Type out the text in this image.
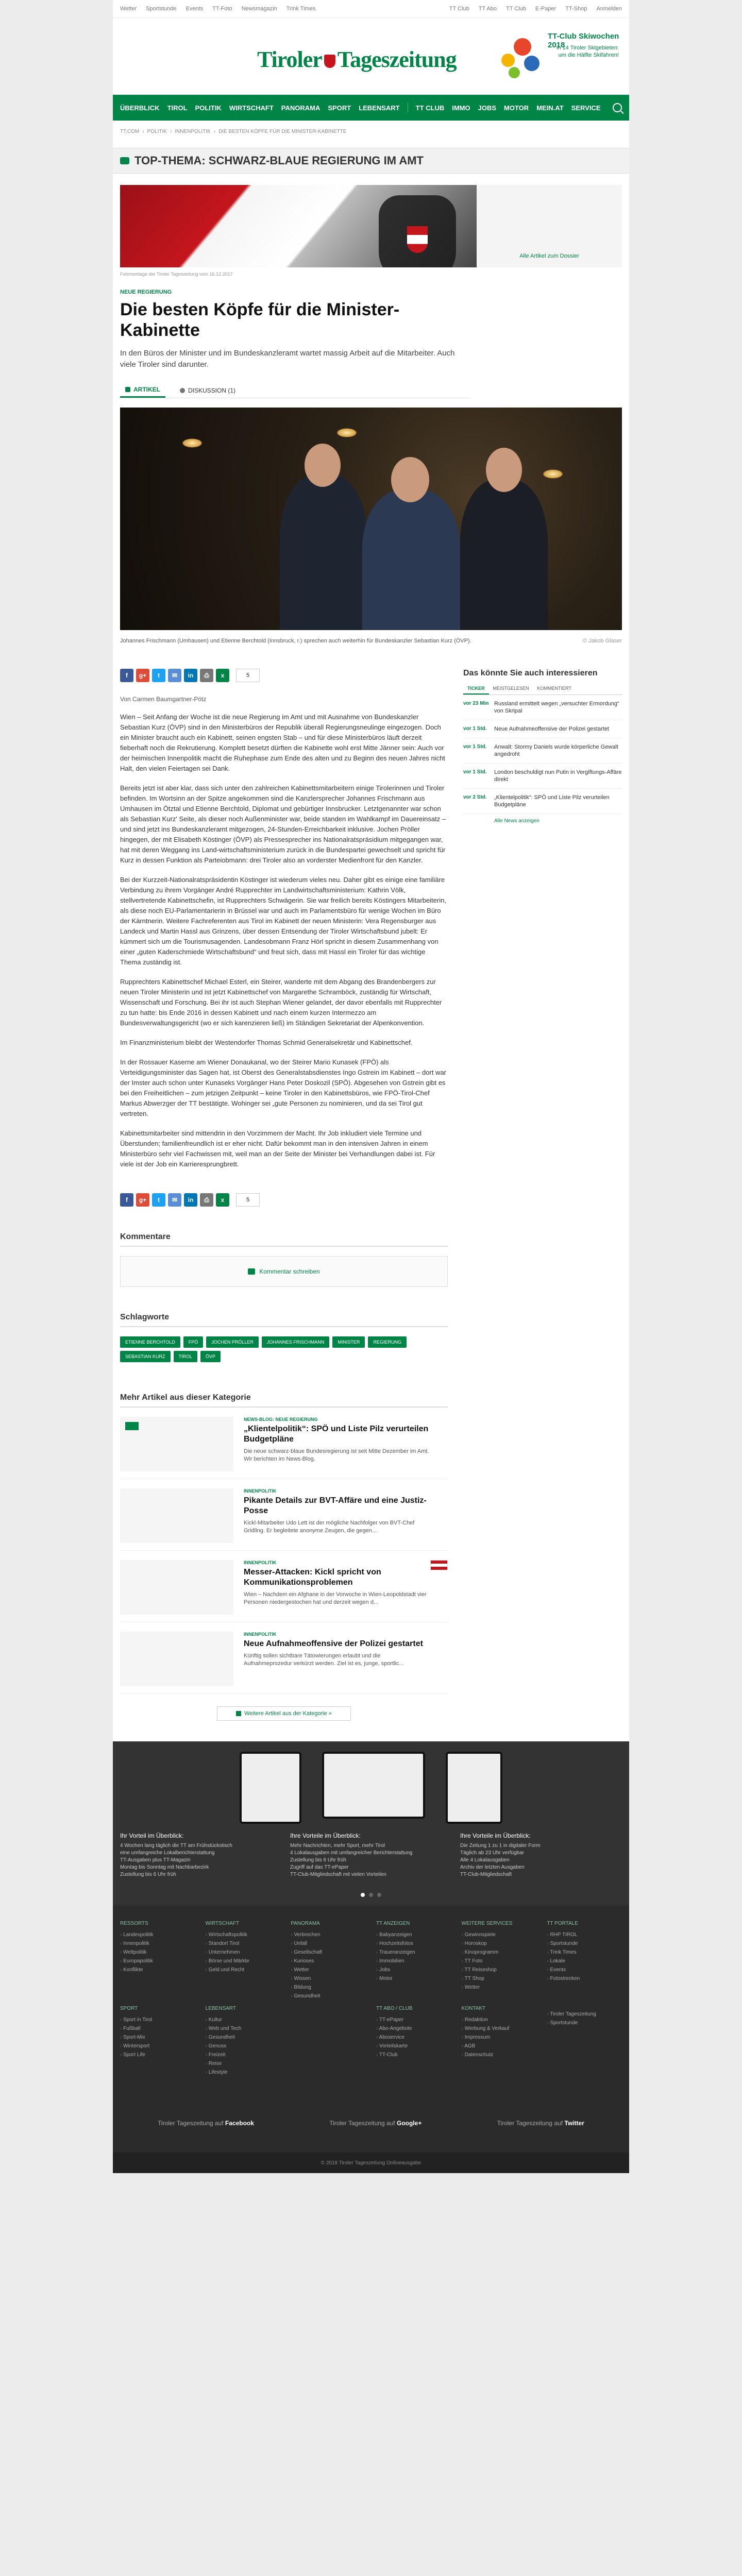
Wetter Sportstunde Events TT-Foto Newsmagazin Trink Times	TT Club TT Abo TT Club E-Paper TT-Shop Anmelden
Tiroler Tageszeitung
TT-Club Skiwochen 2018
in 14 Tiroler Skigebieten: um die Hälfte Skifahren!
ÜBERBLICK TIROL POLITIK WIRTSCHAFT PANORAMA SPORT LEBENSART TT CLUB IMMO JOBS MOTOR MEIN.AT SERVICE
TT.COM › POLITIK › INNENPOLITIK › DIE BESTEN KÖPFE FÜR DIE MINISTER-KABINETTE
TOP-THEMA: SCHWARZ-BLAUE REGIERUNG IM AMT
Alle Artikel zum Dossier
Fotomontage der Tiroler Tageszeitung vom 16.12.2017
NEUE REGIERUNG
Die besten Köpfe für die Minister-Kabinette

In den Büros der Minister und im Bundeskanzleramt wartet massig Arbeit auf die Mitarbeiter. Auch viele Tiroler sind darunter.

ARTIKEL	DISKUSSION (1)
Johannes Frischmann (Umhausen) und Etienne Berchtold (Innsbruck, r.) sprechen auch weiterhin für Bundeskanzler Sebastian Kurz (ÖVP).	© Jakob Glaser
f	g+	t	✉	in	⎙	x	5
Von Carmen Baumgartner-Pötz

Wien – Seit Anfang der Woche ist die neue Regierung im Amt und mit Ausnahme von Bundeskanzler Sebastian Kurz (ÖVP) sind in den Ministerbüros der Republik überall Regierungsneulinge eingezogen. Doch ein Minister braucht auch ein Kabinett, seinen engsten Stab – und für diese Ministerbüros läuft derzeit fieberhaft noch die Rekrutierung. Komplett besetzt dürften die Kabinette wohl erst Mitte Jänner sein: Auch vor der heimischen Innenpolitik macht die Ruhephase zum Ende des alten und zu Beginn des neuen Jahres nicht Halt, den vielen Feiertagen sei Dank.

Bereits jetzt ist aber klar, dass sich unter den zahlreichen Kabinettsmitarbeitern einige Tirolerinnen und Tiroler befinden. Im Wortsinn an der Spitze angekommen sind die Kanzlersprecher Johannes Frischmann aus Umhausen im Ötztal und Etienne Berchtold, Diplomat und gebürtiger Innsbrucker. Letztgenannter war schon als Sebastian Kurz' Seite, als dieser noch Außenminister war, beide standen im Wahlkampf im Dauereinsatz – und sind jetzt ins Bundeskanzleramt mitgezogen, 24-Stunden-Erreichbarkeit inklusive. Jochen Pröller hingegen, der mit Elisabeth Köstinger (ÖVP) als Pressesprecher ins Nationalratspräsidium mitgegangen war, hat mit deren Weggang ins Land-wirtschaftsministerium zurück in die Bundespartei gewechselt und spricht für Kurz in dessen Funktion als Parteiobmann: drei Tiroler also an vorderster Medienfront für den Kanzler.

Bei der Kurzzeit-Nationalratspräsidentin Köstinger ist wiederum vieles neu. Daher gibt es einige eine familiäre Verbindung zu ihrem Vorgänger André Rupprechter im Landwirtschaftsministerium: Kathrin Völk, stellvertretende Kabinettschefin, ist Rupprechters Schwägerin. Sie war freilich bereits Köstingers Mitarbeiterin, als diese noch EU-Parlamentarierin in Brüssel war und auch im Parlamentsbüro für wenige Wochen im Büro der Kärntnerin. Weitere Fachreferenten aus Tirol im Kabinett der neuen Ministerin: Vera Regensburger aus Landeck und Martin Hassl aus Grinzens, über dessen Entsendung der Tiroler Wirtschaftsbund jubelt: Er kümmert sich um die Tourismusagenden. Landesobmann Franz Hörl spricht in diesem Zusammenhang von einer „guten Kaderschmiede Wirtschaftsbund“ und freut sich, dass mit Hassl ein Tiroler für das wichtige Thema zuständig ist.

Rupprechters Kabinettschef Michael Esterl, ein Steirer, wanderte mit dem Abgang des Brandenbergers zur neuen Tiroler Ministerin und ist jetzt Kabinettschef von Margarethe Schramböck, zuständig für Wirtschaft, Wissenschaft und Forschung. Bei ihr ist auch Stephan Wiener gelandet, der davor ebenfalls mit Rupprechter zu tun hatte: bis Ende 2016 in dessen Kabinett und nach einem kurzen Intermezzo am Bundesverwaltungsgericht (wo er sich karenzieren ließ) im Ständigen Sekretariat der Alpenkonvention.

Im Finanzministerium bleibt der Westendorfer Thomas Schmid Generalsekretär und Kabinettschef.

In der Rossauer Kaserne am Wiener Donaukanal, wo der Steirer Mario Kunasek (FPÖ) als Verteidigungsminister das Sagen hat, ist Oberst des Generalstabsdienstes Ingo Gstrein im Kabinett – dort war der Imster auch schon unter Kunaseks Vorgänger Hans Peter Doskozil (SPÖ). Abgesehen von Gstrein gibt es bei den Freiheitlichen – zum jetzigen Zeitpunkt – keine Tiroler in den Kabinettsbüros, wie FPÖ-Tirol-Chef Markus Abwerzger der TT bestätigte. Wohinger sei „gute Personen zu nominieren, und da sei Tirol gut vertreten.

Kabinettsmitarbeiter sind mittendrin in den Vorzimmern der Macht. Ihr Job inkludiert viele Termine und Überstunden; familienfreundlich ist er eher nicht. Dafür bekommt man in den intensiven Jahren in einem Ministerbüro sehr viel Fachwissen mit, weil man an der Seite der Minister bei Verhandlungen dabei ist. Für viele ist der Job ein Karrieresprungbrett.

f	g+	t	✉	in	⎙	x	5
Kommentare
Kommentar schreiben
Schlagworte
ETIENNE BERCHTOLD	FPÖ	JOCHEN PRÖLLER	JOHANNES FRISCHMANN	MINISTER	REGIERUNG
SEBASTIAN KURZ	TIROL	ÖVP
Mehr Artikel aus dieser Kategorie
NEWS-BLOG: NEUE REGIERUNG
„Klientelpolitik“: SPÖ und Liste Pilz verurteilen Budgetpläne
Die neue schwarz-blaue Bundesregierung ist seit Mitte Dezember im Amt. Wir berichten im News-Blog.
INNENPOLITIK
Pikante Details zur BVT-Affäre und eine Justiz-Posse
Kickl-Mitarbeiter Udo Lett ist der mögliche Nachfolger von BVT-Chef Gridling. Er begleitete anonyme Zeugen, die gegen...
INNENPOLITIK
Messer-Attacken: Kickl spricht von Kommunikationsproblemen
Wien – Nachdem ein Afghane in der Vorwoche in Wien-Leopoldstadt vier Personen niedergestochen hat und derzeit wegen d...
INNENPOLITIK
Neue Aufnahmeoffensive der Polizei gestartet
Künftig sollen sichtbare Tätowierungen erlaubt und die Aufnahmeprozedur verkürzt werden. Ziel ist es, junge, sportlic...
Weitere Artikel aus der Kategorie »
Das könnte Sie auch interessieren
TICKER	MEISTGELESEN	KOMMENTIERT
vor 23 Min Russland ermittelt wegen „versuchter Ermordung“ von Skripal
vor 1 Std.	Neue Aufnahmeoffensive der Polizei gestartet
vor 1 Std.	Anwalt: Stormy Daniels wurde körperliche Gewalt angedroht
vor 1 Std.	London beschuldigt nun Putin in Vergiftungs-Affäre direkt
vor 2 Std.	„Klientelpolitik“: SPÖ und Liste Pilz verurteilen Budgetpläne
Alle News anzeigen
Ihr Vorteil im Überblick:
4 Wochen lang täglich die TT am Frühstückstisch
eine umfangreiche Lokalberichterstattung
TT-Ausgaben plus TT-Magazin
Montag bis Sonntag mit Nachbarbezirk
Zustellung bis 6 Uhr früh
Ihre Vorteile im Überblick:
Mehr Nachrichten, mehr Sport, mehr Tirol
4 Lokalausgaben mit umfangreicher Berichterstattung
Zustellung bis 6 Uhr früh
Zugriff auf das TT-ePaper
TT-Club-Mitgliedschaft mit vielen Vorteilen
Ihre Vorteile im Überblick:
Die Zeitung 1 zu 1 in digitaler Form
Täglich ab 23 Uhr verfügbar
Alle 4 Lokalausgaben
Archiv der letzten Ausgaben
TT-Club-Mitgliedschaft
RESSORTS
› Landespolitik
› Innenpolitik
› Weltpolitik
› Europapolitik
› Konflikte
WIRTSCHAFT
› Wirtschaftspolitik
› Standort Tirol
› Unternehmen
› Börse und Märkte
› Geld und Recht
PANORAMA
› Verbrechen
› Unfall
› Gesellschaft
› Kurioses
› Wetter
› Wissen
› Bildung
› Gesundheit
TT ANZEIGEN
› Babyanzeigen
› Hochzeitsfotos
› Traueranzeigen
› Immobilien
› Jobs
› Motor
WEITERE SERVICES
› Gewinnspiele
› Horoskop
› Kinoprogramm
› TT Foto
› TT Reiseshop
› TT Shop
› Wetter
TT PORTALE
› RHP TIROL
› Sportstunde
› Trink Times
› Lokale
› Events
› Fotostrecken
SPORT
› Sport in Tirol
› Fußball
› Sport-Mix
› Wintersport
› Sport Life
LEBENSART
› Kultur
› Web und Tech
› Gesundheit
› Genuss
› Freizeit
› Reise
› Lifestyle
TT ABO / CLUB
› TT-ePaper
› Abo-Angebote
› Aboservice
› Vorteilskarte
› TT-Club
KONTAKT
› Redaktion
› Werbung & Verkauf
› Impressum
› AGB
› Datenschutz
› Tiroler Tageszeitung
› Sportstunde
Tiroler Tageszeitung auf Facebook	Tiroler Tageszeitung auf Google+	Tiroler Tageszeitung auf Twitter
© 2018 Tiroler Tageszeitung Onlineausgabe
